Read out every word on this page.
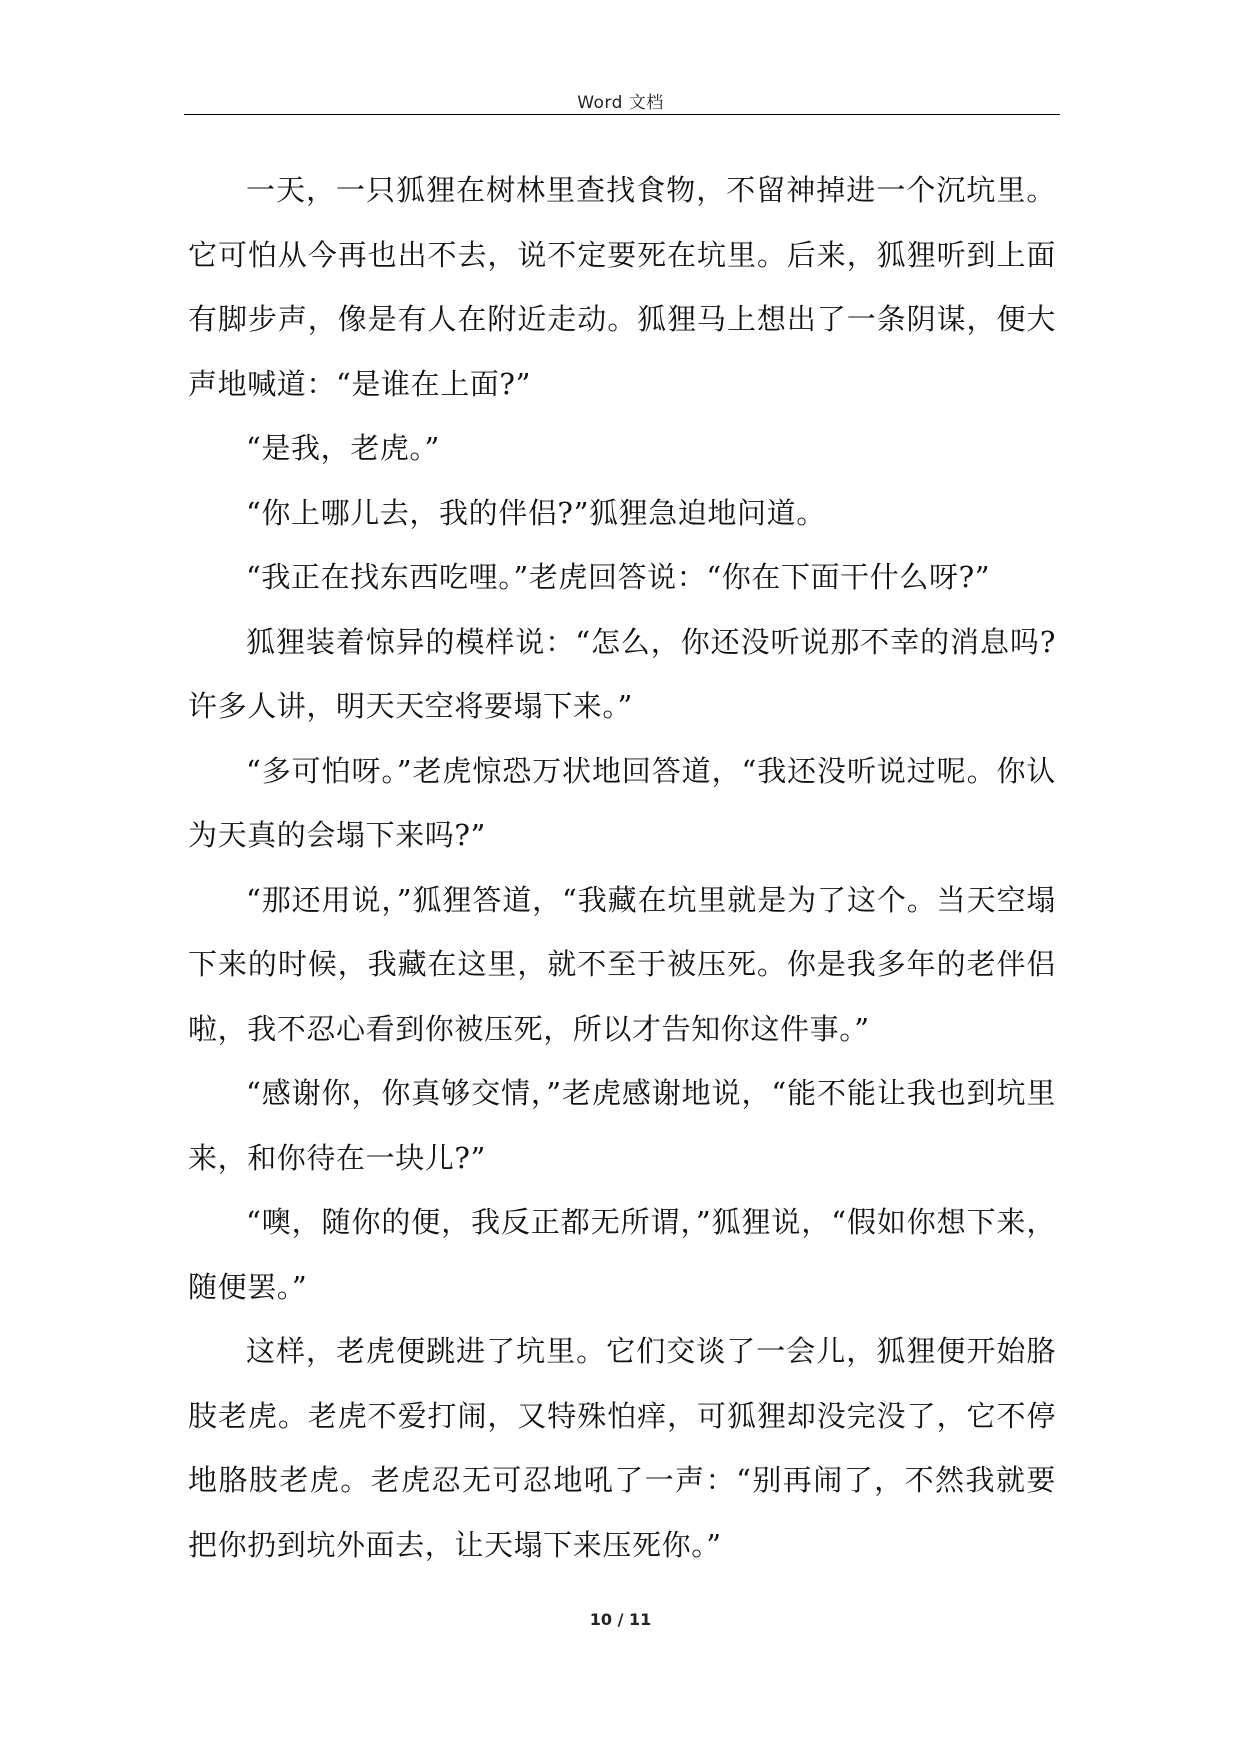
Word 文档

一天，一只狐狸在树林里查找食物，不留神掉进一个沉坑里。它可怕从今再也出不去，说不定要死在坑里。后来，狐狸听到上面有脚步声，像是有人在附近走动。狐狸马上想出了一条阴谋，便大声地喊道：“是谁在上面?”

“是我，老虎。”

“你上哪儿去，我的伴侣?”狐狸急迫地问道。

“我正在找东西吃哩。”老虎回答说：“你在下面干什么呀?”

狐狸装着惊异的模样说：“怎么，你还没听说那不幸的消息吗?许多人讲，明天天空将要塌下来。”

“多可怕呀。”老虎惊恐万状地回答道，“我还没听说过呢。你认为天真的会塌下来吗?”

“那还用说，”狐狸答道，“我藏在坑里就是为了这个。当天空塌下来的时候，我藏在这里，就不至于被压死。你是我多年的老伴侣啦，我不忍心看到你被压死，所以才告知你这件事。”

“感谢你，你真够交情，”老虎感谢地说，“能不能让我也到坑里来，和你待在一块儿?”

“噢，随你的便，我反正都无所谓，”狐狸说，“假如你想下来，随便罢。”

这样，老虎便跳进了坑里。它们交谈了一会儿，狐狸便开始胳肢老虎。老虎不爱打闹，又特殊怕痒，可狐狸却没完没了，它不停地胳肢老虎。老虎忍无可忍地吼了一声：“别再闹了，不然我就要把你扔到坑外面去，让天塌下来压死你。”

10 / 11
